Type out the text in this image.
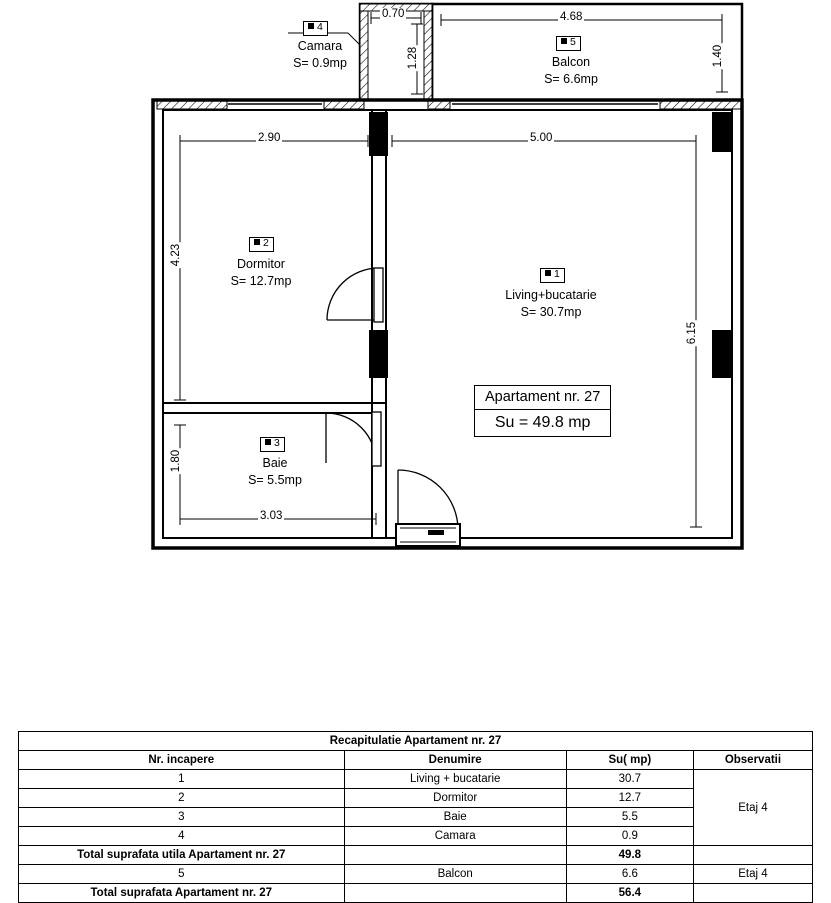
4
Camara
S= 0.9mp
5
Balcon
S= 6.6mp
2
Dormitor
S= 12.7mp
3
Baie
S= 5.5mp
1
Living+bucatarie
S= 30.7mp
Apartament nr. 27
Su = 49.8 mp
0.70
1.28
4.68
1.40
2.90
4.23
5.00
6.15
3.03
1.80
Recapitulatie Apartament nr. 27			
Nr. incapere	Denumire	Su( mp)	Observatii
1	Living + bucatarie	30.7	Etaj 4
2	Dormitor	12.7	
3	Baie	5.5	
4	Camara	0.9	
Total suprafata utila Apartament nr. 27		49.8	
5	Balcon	6.6	Etaj 4
Total suprafata Apartament nr. 27		56.4	
